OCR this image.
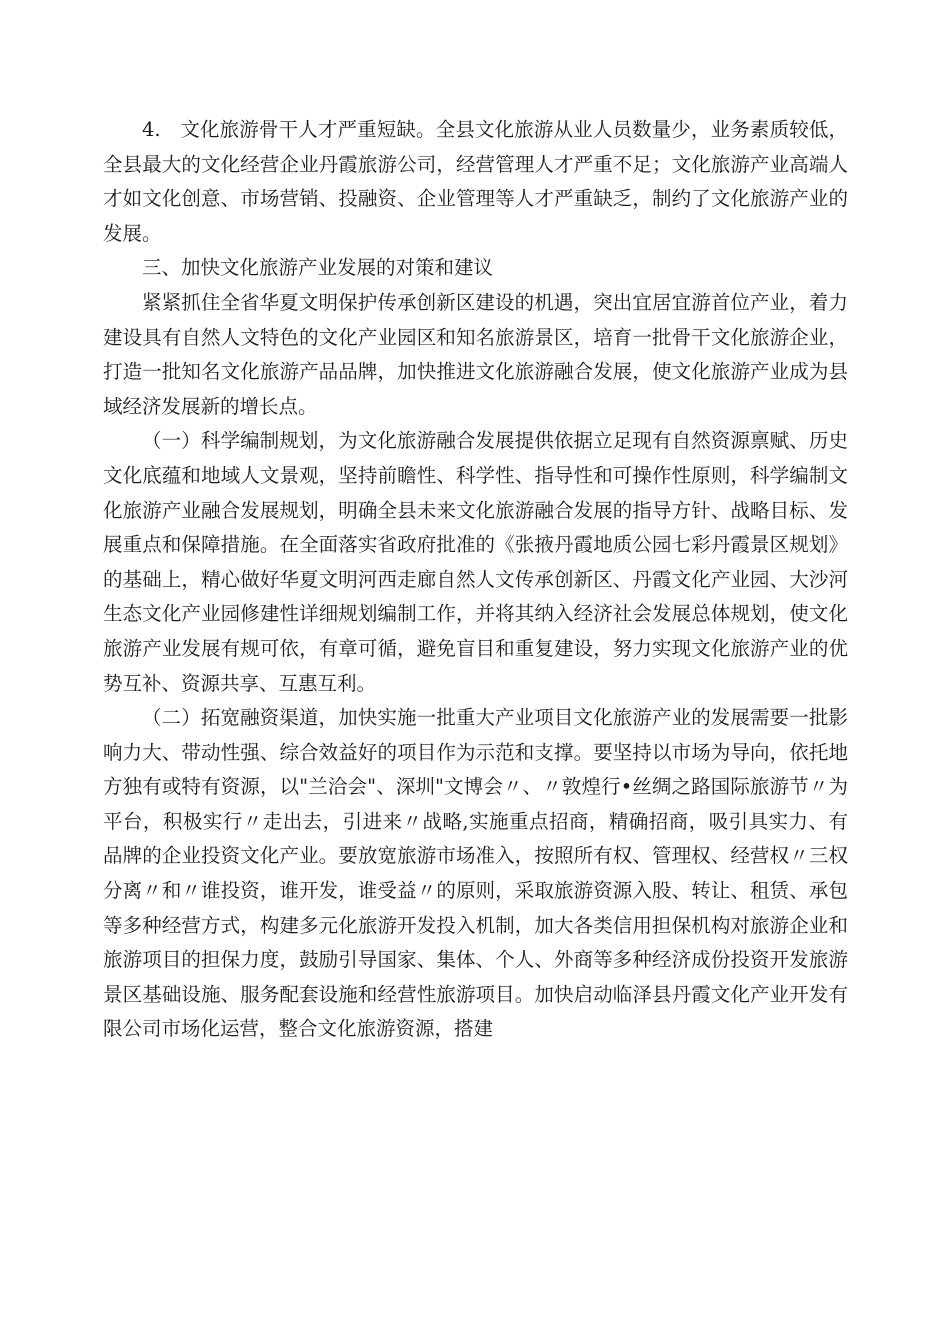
4.　文化旅游骨干人才严重短缺。全县文化旅游从业人员数量少，业务素质较低，全县最大的文化经营企业丹霞旅游公司，经营管理人才严重不足；文化旅游产业高端人才如文化创意、市场营销、投融资、企业管理等人才严重缺乏，制约了文化旅游产业的发展。

三、加快文化旅游产业发展的对策和建议

紧紧抓住全省华夏文明保护传承创新区建设的机遇，突出宜居宜游首位产业，着力建设具有自然人文特色的文化产业园区和知名旅游景区，培育一批骨干文化旅游企业，打造一批知名文化旅游产品品牌，加快推进文化旅游融合发展，使文化旅游产业成为县域经济发展新的增长点。

（一）科学编制规划，为文化旅游融合发展提供依据立足现有自然资源禀赋、历史文化底蕴和地域人文景观，坚持前瞻性、科学性、指导性和可操作性原则，科学编制文化旅游产业融合发展规划，明确全县未来文化旅游融合发展的指导方针、战略目标、发展重点和保障措施。在全面落实省政府批准的《张掖丹霞地质公园七彩丹霞景区规划》的基础上，精心做好华夏文明河西走廊自然人文传承创新区、丹霞文化产业园、大沙河生态文化产业园修建性详细规划编制工作，并将其纳入经济社会发展总体规划，使文化旅游产业发展有规可依，有章可循，避免盲目和重复建设，努力实现文化旅游产业的优势互补、资源共享、互惠互利。

（二）拓宽融资渠道，加快实施一批重大产业项目文化旅游产业的发展需要一批影响力大、带动性强、综合效益好的项目作为示范和支撑。要坚持以市场为导向，依托地方独有或特有资源，以"兰洽会"、深圳"文博会〃、〃敦煌行•丝绸之路国际旅游节〃为平台，积极实行〃走出去，引进来〃战略,实施重点招商，精确招商，吸引具实力、有品牌的企业投资文化产业。要放宽旅游市场准入，按照所有权、管理权、经营权〃三权分离〃和〃谁投资，谁开发，谁受益〃的原则，采取旅游资源入股、转让、租赁、承包等多种经营方式，构建多元化旅游开发投入机制，加大各类信用担保机构对旅游企业和旅游项目的担保力度，鼓励引导国家、集体、个人、外商等多种经济成份投资开发旅游景区基础设施、服务配套设施和经营性旅游项目。加快启动临泽县丹霞文化产业开发有限公司市场化运营，整合文化旅游资源，搭建
